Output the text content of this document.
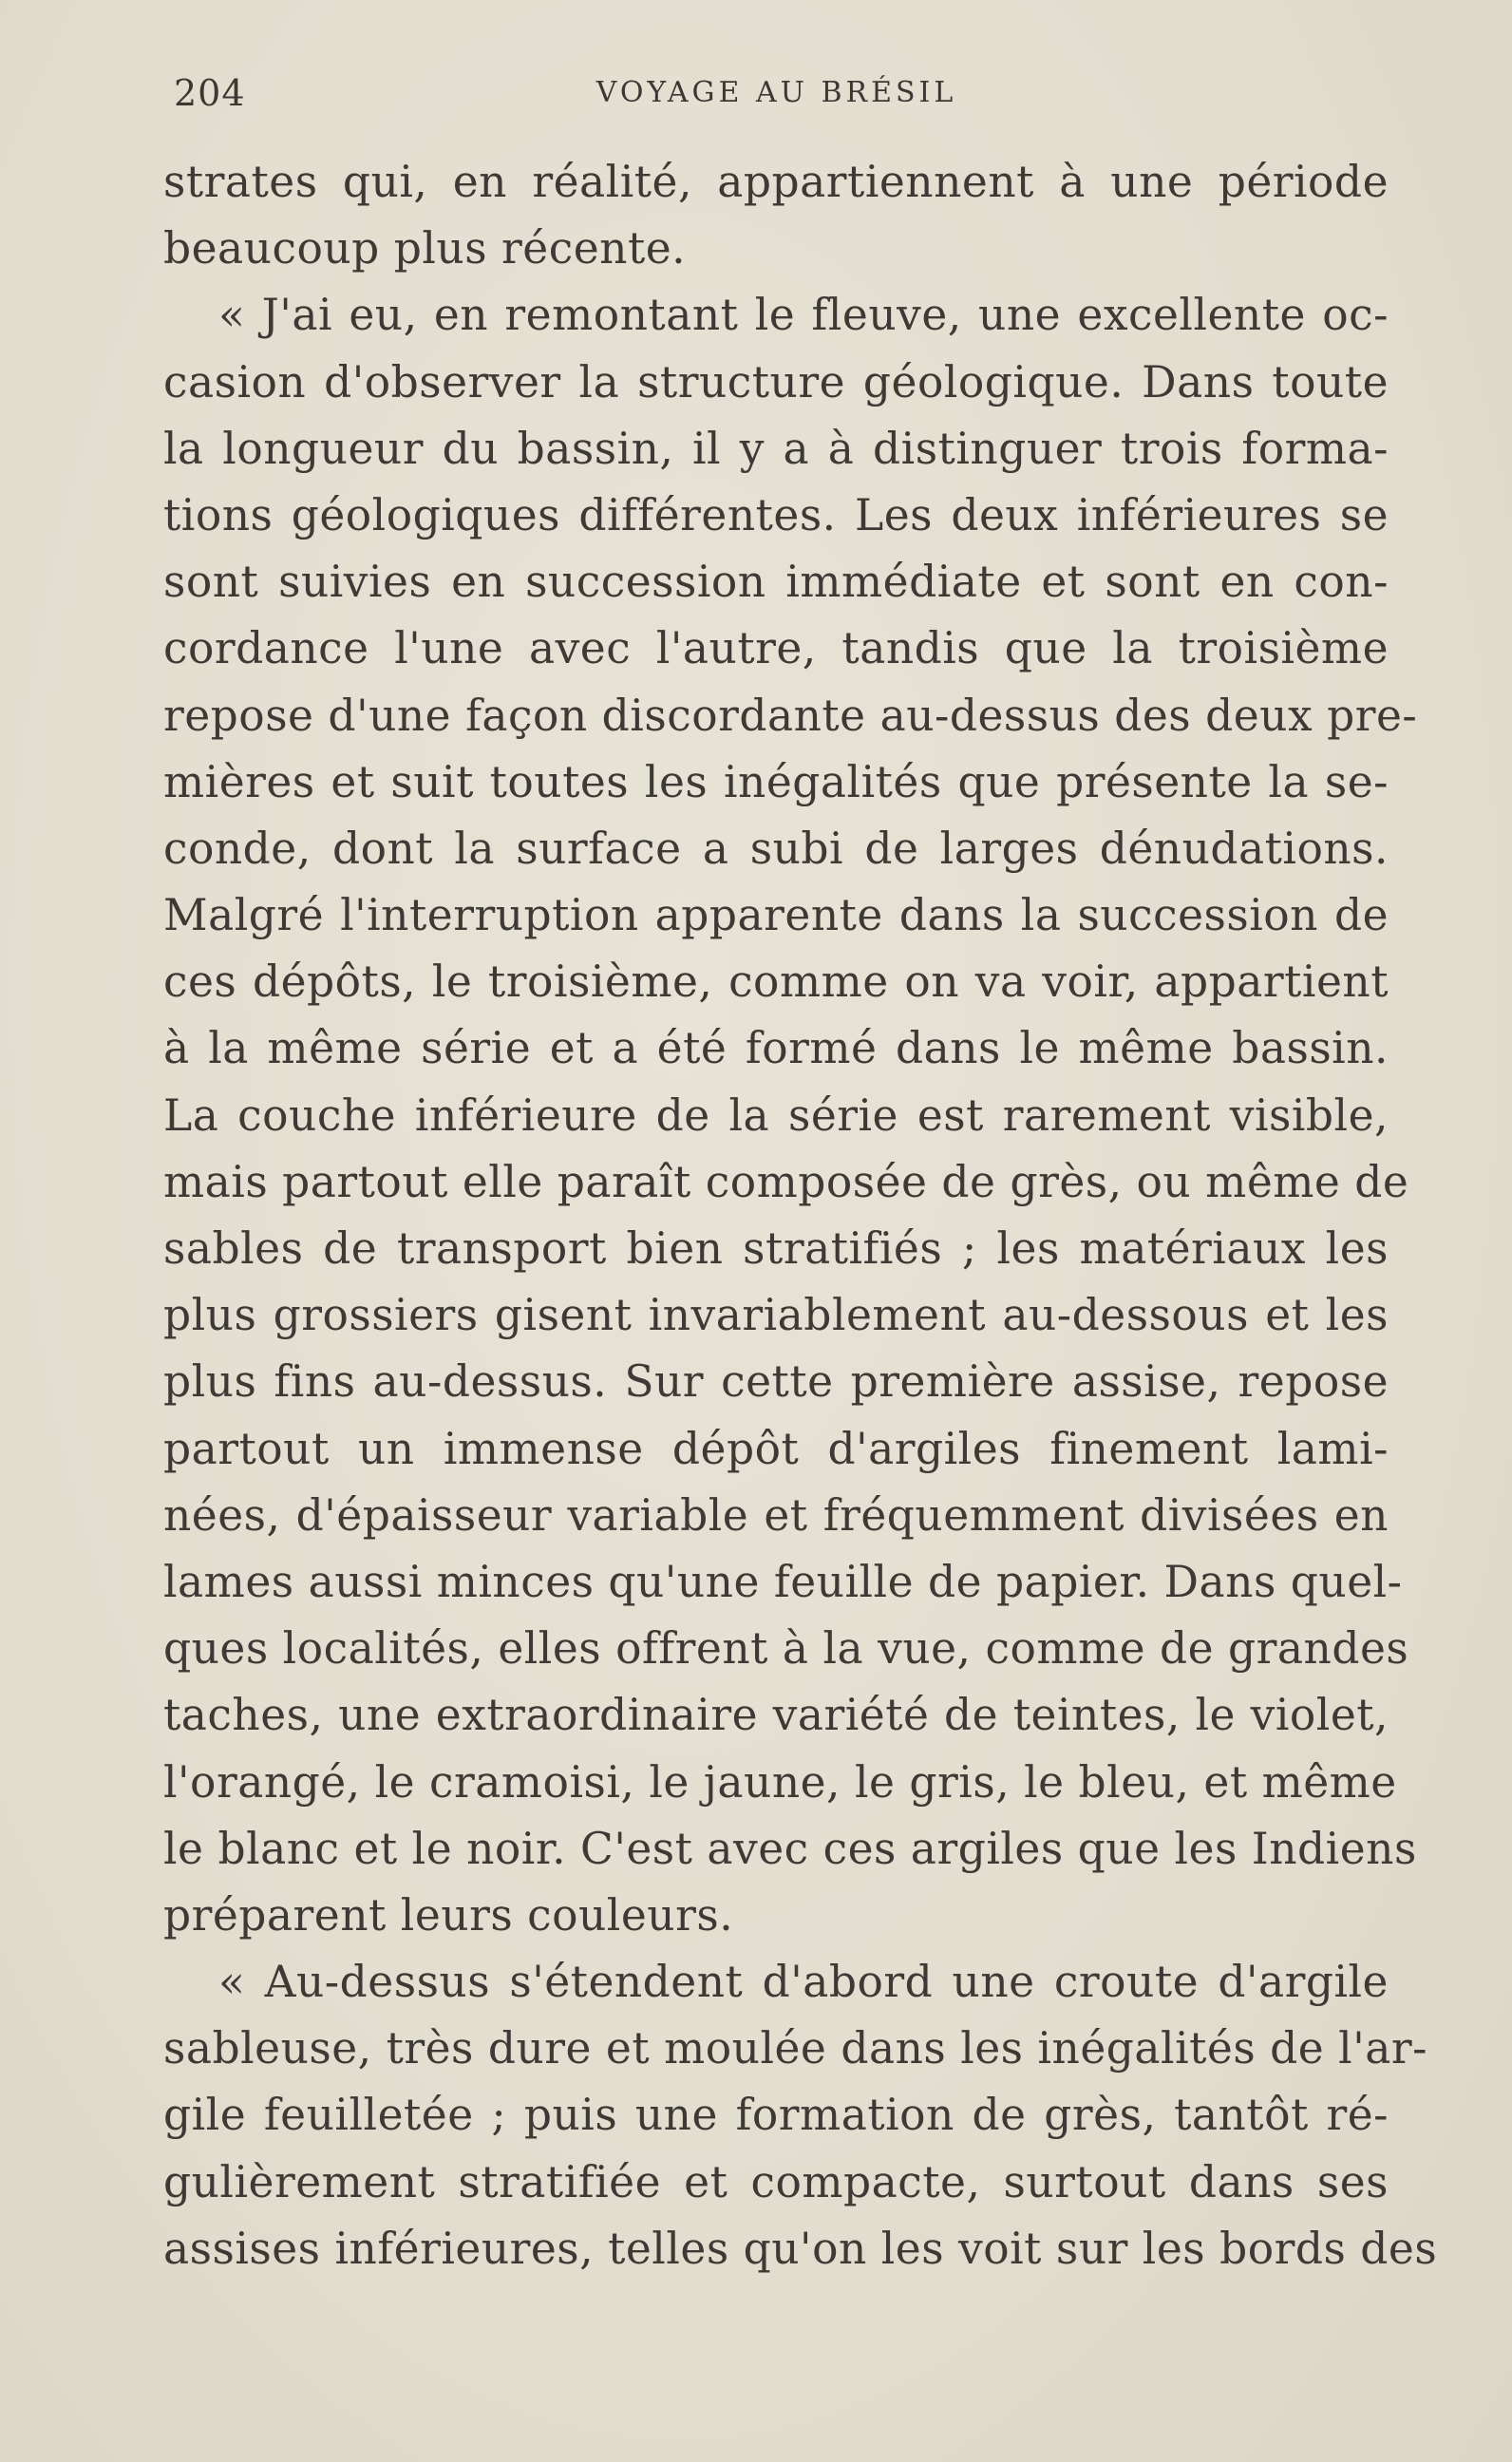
204	VOYAGE AU BRÉSIL
strates qui, en réalité, appartiennent à une période
beaucoup plus récente.
« J'ai eu, en remontant le fleuve, une excellente oc-
casion d'observer la structure géologique. Dans toute
la longueur du bassin, il y a à distinguer trois forma-
tions géologiques différentes. Les deux inférieures se
sont suivies en succession immédiate et sont en con-
cordance l'une avec l'autre, tandis que la troisième
repose d'une façon discordante au-dessus des deux pre-
mières et suit toutes les inégalités que présente la se-
conde, dont la surface a subi de larges dénudations.
Malgré l'interruption apparente dans la succession de
ces dépôts, le troisième, comme on va voir, appartient
à la même série et a été formé dans le même bassin.
La couche inférieure de la série est rarement visible,
mais partout elle paraît composée de grès, ou même de
sables de transport bien stratifiés ; les matériaux les
plus grossiers gisent invariablement au-dessous et les
plus fins au-dessus. Sur cette première assise, repose
partout un immense dépôt d'argiles finement lami-
nées, d'épaisseur variable et fréquemment divisées en
lames aussi minces qu'une feuille de papier. Dans quel-
ques localités, elles offrent à la vue, comme de grandes
taches, une extraordinaire variété de teintes, le violet,
l'orangé, le cramoisi, le jaune, le gris, le bleu, et même
le blanc et le noir. C'est avec ces argiles que les Indiens
préparent leurs couleurs.
« Au-dessus s'étendent d'abord une croute d'argile
sableuse, très dure et moulée dans les inégalités de l'ar-
gile feuilletée ; puis une formation de grès, tantôt ré-
gulièrement stratifiée et compacte, surtout dans ses
assises inférieures, telles qu'on les voit sur les bords des
